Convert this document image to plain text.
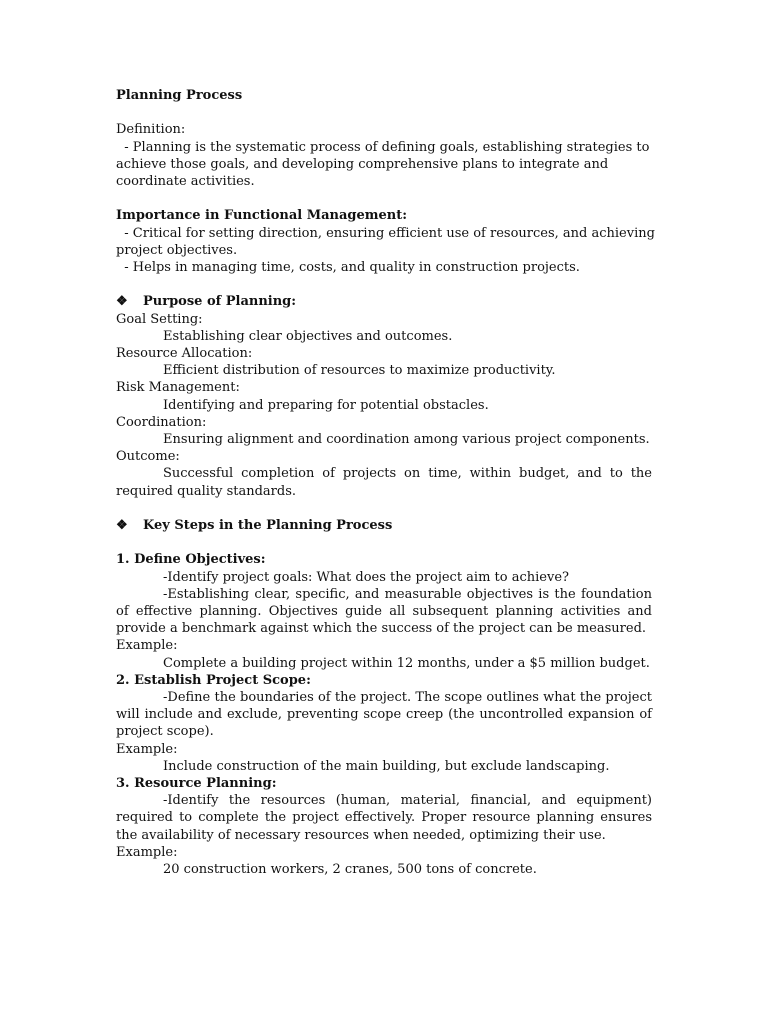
Planning Process
Definition:
- Planning is the systematic process of defining goals, establishing strategies to
achieve those goals, and developing comprehensive plans to integrate and
coordinate activities.
Importance in Functional Management:
- Critical for setting direction, ensuring efficient use of resources, and achieving
project objectives.
- Helps in managing time, costs, and quality in construction projects.
❖ Purpose of Planning:
Goal Setting:
Establishing clear objectives and outcomes.
Resource Allocation:
Efficient distribution of resources to maximize productivity.
Risk Management:
Identifying and preparing for potential obstacles.
Coordination:
Ensuring alignment and coordination among various project components.
Outcome:
Successful completion of projects on time, within budget, and to the required quality standards.
❖ Key Steps in the Planning Process
1. Define Objectives:
-Identify project goals: What does the project aim to achieve?
-Establishing clear, specific, and measurable objectives is the foundation of effective planning. Objectives guide all subsequent planning activities and provide a benchmark against which the success of the project can be measured.
Example:
Complete a building project within 12 months, under a $5 million budget.
2. Establish Project Scope:
-Define the boundaries of the project. The scope outlines what the project will include and exclude, preventing scope creep (the uncontrolled expansion of project scope).
Example:
Include construction of the main building, but exclude landscaping.
3. Resource Planning:
-Identify the resources (human, material, financial, and equipment) required to complete the project effectively. Proper resource planning ensures the availability of necessary resources when needed, optimizing their use.
Example:
20 construction workers, 2 cranes, 500 tons of concrete.
